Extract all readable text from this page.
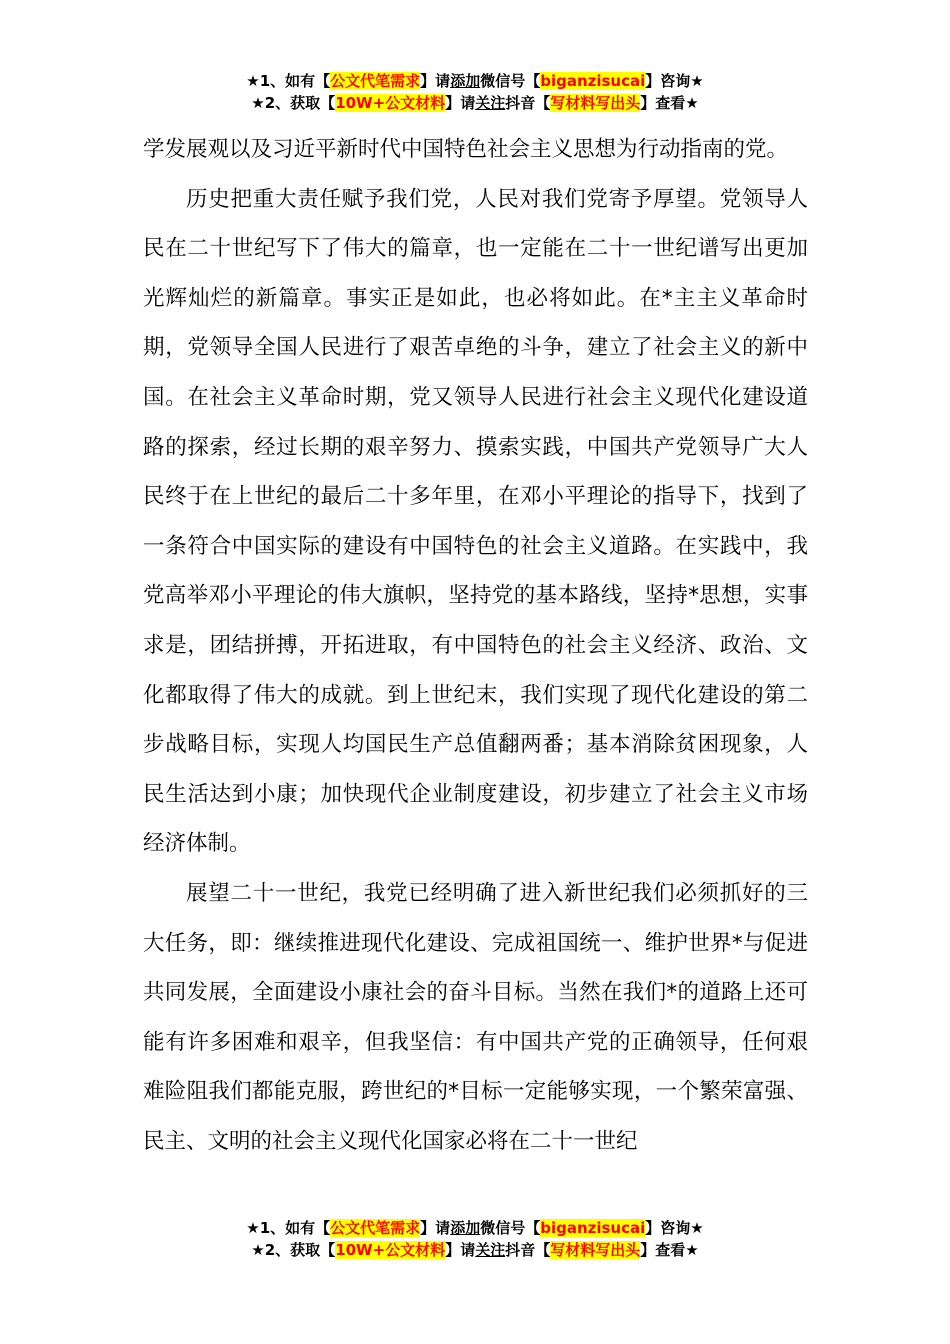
★1、如有【公文代笔需求】请添加微信号【biganzisucai】咨询★
★2、获取【10W+公文材料】请关注抖音【写材料写出头】查看★

学发展观以及习近平新时代中国特色社会主义思想为行动指南的党。

历史把重大责任赋予我们党，人民对我们党寄予厚望。党领导人民在二十世纪写下了伟大的篇章，也一定能在二十一世纪谱写出更加光辉灿烂的新篇章。事实正是如此，也必将如此。在*主主义革命时期，党领导全国人民进行了艰苦卓绝的斗争，建立了社会主义的新中国。在社会主义革命时期，党又领导人民进行社会主义现代化建设道路的探索，经过长期的艰辛努力、摸索实践，中国共产党领导广大人民终于在上世纪的最后二十多年里，在邓小平理论的指导下，找到了一条符合中国实际的建设有中国特色的社会主义道路。在实践中，我党高举邓小平理论的伟大旗帜，坚持党的基本路线，坚持*思想，实事求是，团结拼搏，开拓进取，有中国特色的社会主义经济、政治、文化都取得了伟大的成就。到上世纪末，我们实现了现代化建设的第二步战略目标，实现人均国民生产总值翻两番；基本消除贫困现象，人民生活达到小康；加快现代企业制度建设，初步建立了社会主义市场经济体制。

展望二十一世纪，我党已经明确了进入新世纪我们必须抓好的三大任务，即：继续推进现代化建设、完成祖国统一、维护世界*与促进共同发展，全面建设小康社会的奋斗目标。当然在我们*的道路上还可能有许多困难和艰辛，但我坚信：有中国共产党的正确领导，任何艰难险阻我们都能克服，跨世纪的*目标一定能够实现，一个繁荣富强、民主、文明的社会主义现代化国家必将在二十一世纪

★1、如有【公文代笔需求】请添加微信号【biganzisucai】咨询★
★2、获取【10W+公文材料】请关注抖音【写材料写出头】查看★
